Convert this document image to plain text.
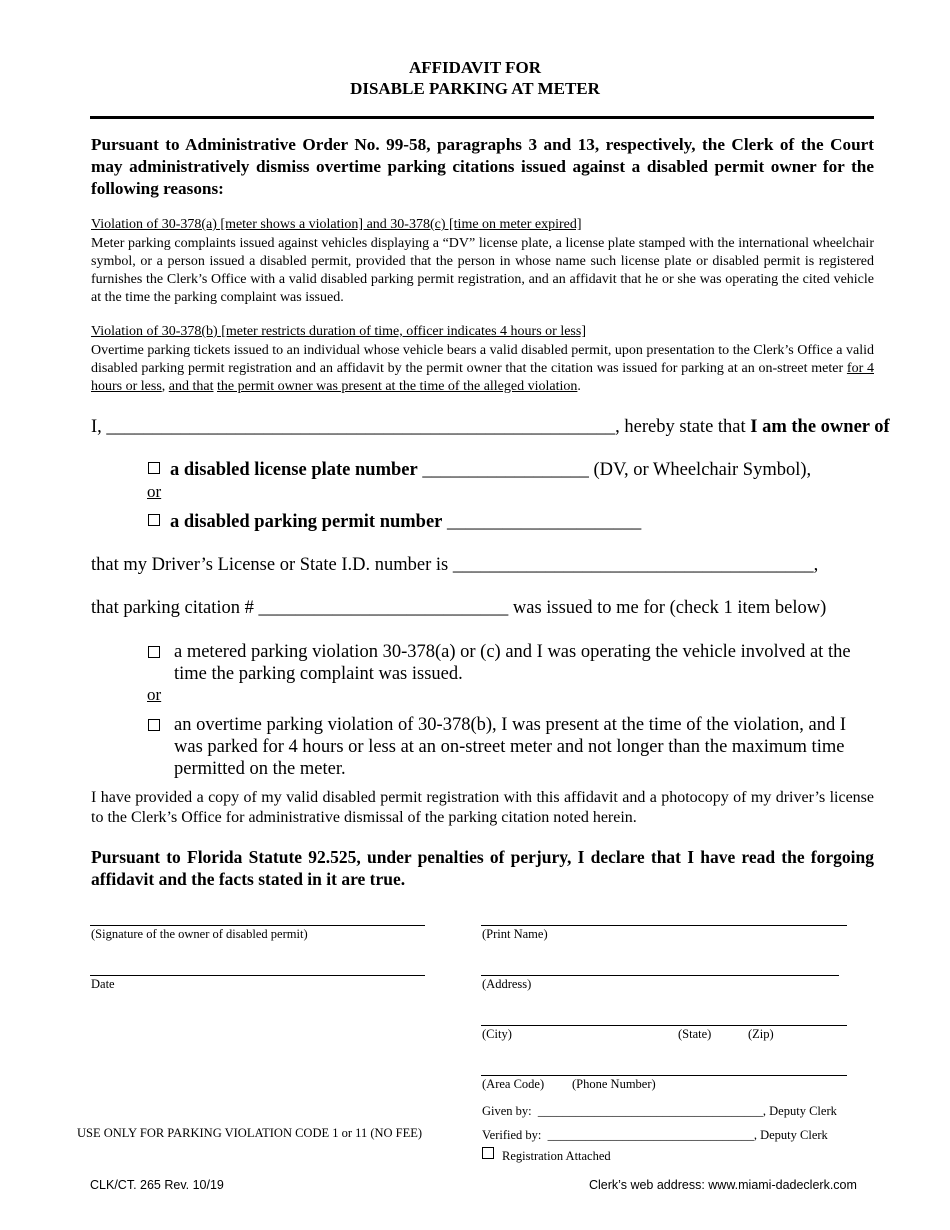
AFFIDAVIT FOR
DISABLE PARKING AT METER
Pursuant to Administrative Order No. 99-58, paragraphs 3 and 13, respectively, the Clerk of the Court may administratively dismiss overtime parking citations issued against a disabled permit owner for the following reasons:
Violation of 30-378(a) [meter shows a violation] and 30-378(c) [time on meter expired]
Meter parking complaints issued against vehicles displaying a “DV” license plate, a license plate stamped with the international wheelchair symbol, or a person issued a disabled permit, provided that the person in whose name such license plate or disabled permit is registered furnishes the Clerk’s Office with a valid disabled parking permit registration, and an affidavit that he or she was operating the cited vehicle at the time the parking complaint was issued.
Violation of 30-378(b) [meter restricts duration of time, officer indicates 4 hours or less]
Overtime parking tickets issued to an individual whose vehicle bears a valid disabled permit, upon presentation to the Clerk’s Office a valid disabled parking permit registration and an affidavit by the permit owner that the citation was issued for parking at an on-street meter for 4 hours or less, and that the permit owner was present at the time of the alleged violation.
I, _______________________________________________________, hereby state that I am the owner of
a disabled license plate number __________________ (DV, or Wheelchair Symbol),
or
a disabled parking permit number _____________________
that my Driver’s License or State I.D. number is _______________________________________,
that parking citation # ___________________________ was issued to me for (check 1 item below)
a metered parking violation 30-378(a) or (c) and I was operating the vehicle involved at the time the parking complaint was issued.
or
an overtime parking violation of 30-378(b), I was present at the time of the violation, and I was parked for 4 hours or less at an on-street meter and not longer than the maximum time permitted on the meter.
I have provided a copy of my valid disabled permit registration with this affidavit and a photocopy of my driver’s license to the Clerk’s Office for administrative dismissal of the parking citation noted herein.
Pursuant to Florida Statute 92.525, under penalties of perjury, I declare that I have read the forgoing affidavit and the facts stated in it are true.
(Signature of the owner of disabled permit)
Date
(Print Name)
(Address)
(City)	(State)	(Zip)
(Area Code) (Phone Number)
Given by: ____________________________________, Deputy Clerk
Verified by: _________________________________, Deputy Clerk
Registration Attached
USE ONLY FOR PARKING VIOLATION CODE 1 or 11 (NO FEE)
CLK/CT. 265 Rev. 10/19	Clerk’s web address: www.miami-dadeclerk.com
